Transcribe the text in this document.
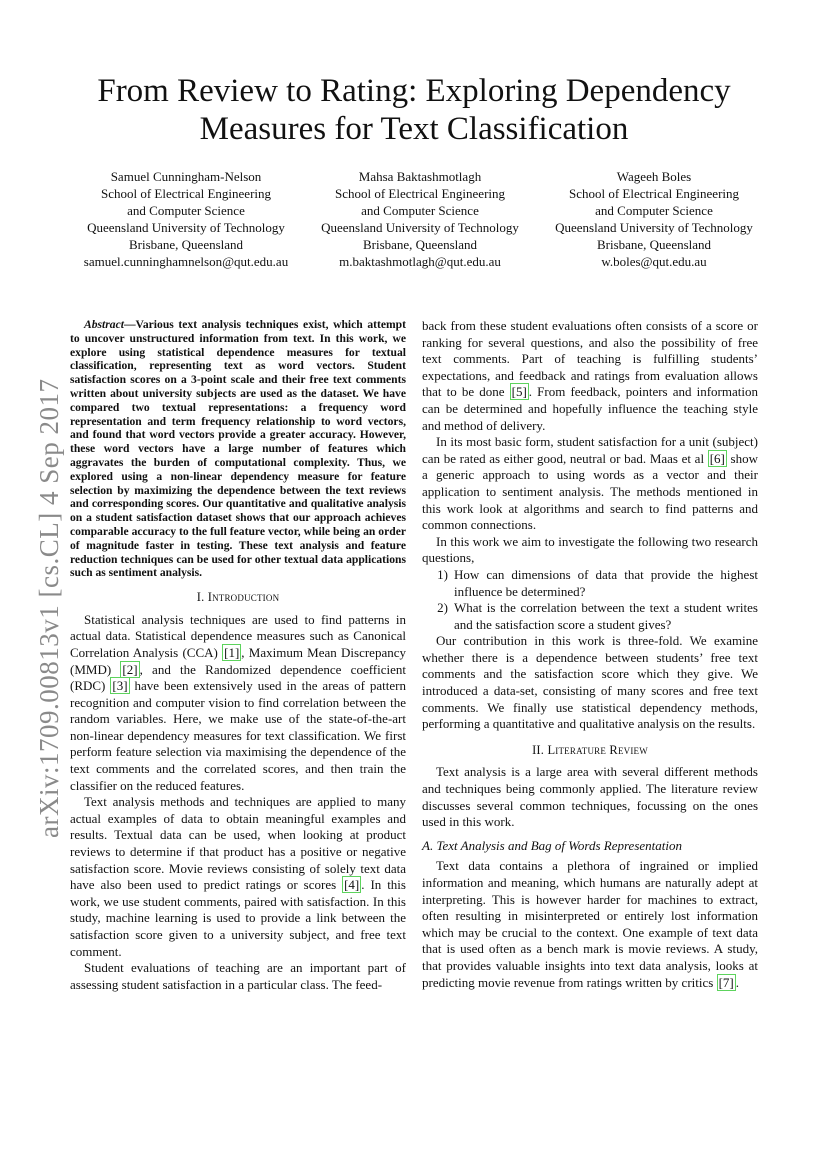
From Review to Rating: Exploring Dependency Measures for Text Classification
Samuel Cunningham-Nelson
School of Electrical Engineering
and Computer Science
Queensland University of Technology
Brisbane, Queensland
samuel.cunninghamnelson@qut.edu.au
Mahsa Baktashmotlagh
School of Electrical Engineering
and Computer Science
Queensland University of Technology
Brisbane, Queensland
m.baktashmotlagh@qut.edu.au
Wageeh Boles
School of Electrical Engineering
and Computer Science
Queensland University of Technology
Brisbane, Queensland
w.boles@qut.edu.au
arXiv:1709.00813v1 [cs.CL] 4 Sep 2017

Abstract—Various text analysis techniques exist, which attempt to uncover unstructured information from text. In this work, we explore using statistical dependence measures for textual classification, representing text as word vectors. Student satisfaction scores on a 3-point scale and their free text comments written about university subjects are used as the dataset. We have compared two textual representations: a frequency word representation and term frequency relationship to word vectors, and found that word vectors provide a greater accuracy. However, these word vectors have a large number of features which aggravates the burden of computational complexity. Thus, we explored using a non-linear dependency measure for feature selection by maximizing the dependence between the text reviews and corresponding scores. Our quantitative and qualitative analysis on a student satisfaction dataset shows that our approach achieves comparable accuracy to the full feature vector, while being an order of magnitude faster in testing. These text analysis and feature reduction techniques can be used for other textual data applications such as sentiment analysis.

I. Introduction

Statistical analysis techniques are used to find patterns in actual data. Statistical dependence measures such as Canonical Correlation Analysis (CCA) [1] , Maximum Mean Discrepancy (MMD) [2] , and the Randomized dependence coefficient (RDC) [3] have been extensively used in the areas of pattern recognition and computer vision to find correlation between the random variables. Here, we make use of the state-of-the-art non-linear dependency measures for text classification. We first perform feature selection via maximising the dependence of the text comments and the correlated scores, and then train the classifier on the reduced features.

Text analysis methods and techniques are applied to many actual examples of data to obtain meaningful examples and results. Textual data can be used, when looking at product reviews to determine if that product has a positive or negative satisfaction score. Movie reviews consisting of solely text data have also been used to predict ratings or scores [4] . In this work, we use student comments, paired with satisfaction. In this study, machine learning is used to provide a link between the satisfaction score given to a university subject, and free text comment.

Student evaluations of teaching are an important part of assessing student satisfaction in a particular class. The feed-

back from these student evaluations often consists of a score or ranking for several questions, and also the possibility of free text comments. Part of teaching is fulfilling students’ expectations, and feedback and ratings from evaluation allows that to be done [5] . From feedback, pointers and information can be determined and hopefully influence the teaching style and method of delivery.

In its most basic form, student satisfaction for a unit (subject) can be rated as either good, neutral or bad. Maas et al [6] show a generic approach to using words as a vector and their application to sentiment analysis. The methods mentioned in this work look at algorithms and search to find patterns and common connections.

In this work we aim to investigate the following two research questions,

1) How can dimensions of data that provide the highest influence be determined?
2) What is the correlation between the text a student writes and the satisfaction score a student gives?

Our contribution in this work is three-fold. We examine whether there is a dependence between students’ free text comments and the satisfaction score which they give. We introduced a data-set, consisting of many scores and free text comments. We finally use statistical dependency methods, performing a quantitative and qualitative analysis on the results.

II. Literature Review

Text analysis is a large area with several different methods and techniques being commonly applied. The literature review discusses several common techniques, focussing on the ones used in this work.

A. Text Analysis and Bag of Words Representation

Text data contains a plethora of ingrained or implied information and meaning, which humans are naturally adept at interpreting. This is however harder for machines to extract, often resulting in misinterpreted or entirely lost information which may be crucial to the context. One example of text data that is used often as a bench mark is movie reviews. A study, that provides valuable insights into text data analysis, looks at predicting movie revenue from ratings written by critics [7] .
